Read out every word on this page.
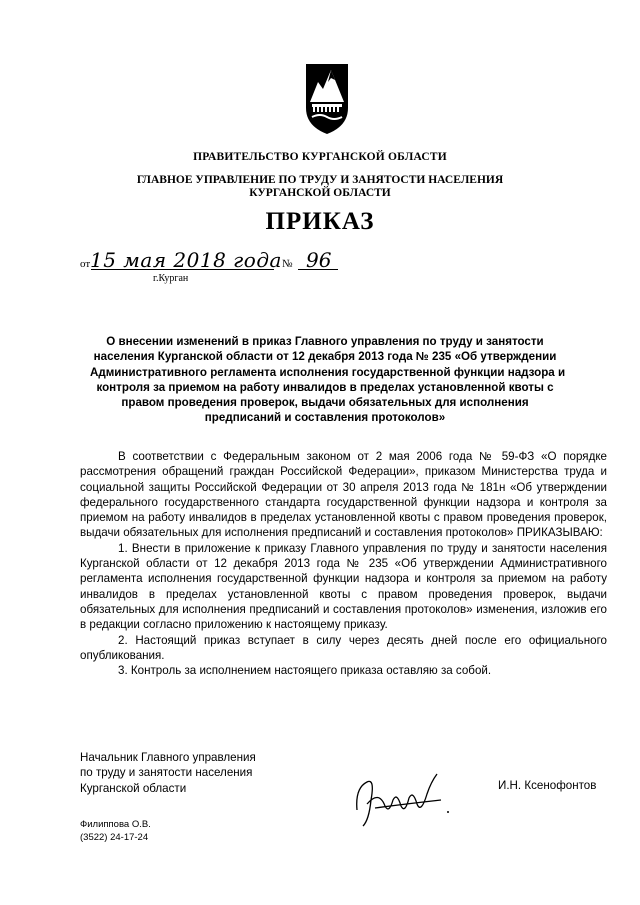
ПРАВИТЕЛЬСТВО КУРГАНСКОЙ ОБЛАСТИ
ГЛАВНОЕ УПРАВЛЕНИЕ ПО ТРУДУ И ЗАНЯТОСТИ НАСЕЛЕНИЯ
КУРГАНСКОЙ ОБЛАСТИ
ПРИКАЗ
от 15 мая 2018 года № 96
г.Курган
О внесении изменений в приказ Главного управления по труду и занятости
населения Курганской области от 12 декабря 2013 года № 235 «Об утверждении
Административного регламента исполнения государственной функции надзора и
контроля за приемом на работу инвалидов в пределах установленной квоты с
правом проведения проверок, выдачи обязательных для исполнения
предписаний и составления протоколов»
В соответствии с Федеральным законом от 2 мая 2006 года № 59-ФЗ «О порядке рассмотрения обращений граждан Российской Федерации», приказом Министерства труда и социальной защиты Российской Федерации от 30 апреля 2013 года № 181н «Об утверждении федерального государственного стандарта государственной функции надзора и контроля за приемом на работу инвалидов в пределах установленной квоты с правом проведения проверок, выдачи обязательных для исполнения предписаний и составления протоколов» ПРИКАЗЫВАЮ:
1. Внести в приложение к приказу Главного управления по труду и занятости населения Курганской области от 12 декабря 2013 года № 235 «Об утверждении Административного регламента исполнения государственной функции надзора и контроля за приемом на работу инвалидов в пределах установленной квоты с правом проведения проверок, выдачи обязательных для исполнения предписаний и составления протоколов» изменения, изложив его в редакции согласно приложению к настоящему приказу.
2. Настоящий приказ вступает в силу через десять дней после его официального опубликования.
3. Контроль за исполнением настоящего приказа оставляю за собой.
Начальник Главного управления
по труду и занятости населения
Курганской области	И.Н. Ксенофонтов
Филиппова О.В.
(3522) 24-17-24
